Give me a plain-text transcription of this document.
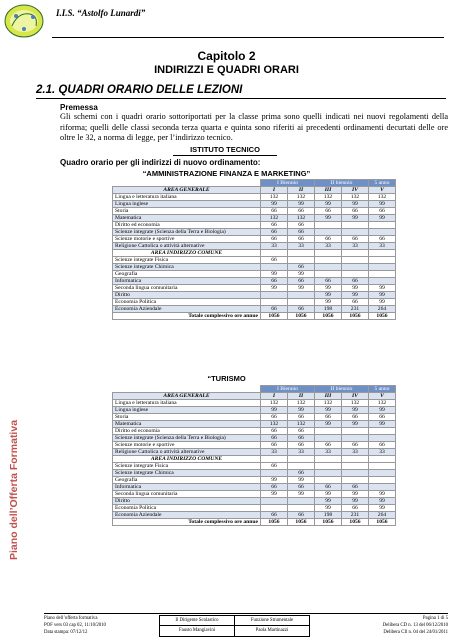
I.I.S. “Astolfo Lunardi”
Capitolo 2
INDIRIZZI E QUADRI ORARI
2.1. QUADRI ORARIO DELLE LEZIONI
Premessa
Gli schemi con i quadri orario sottoriportati per la classe prima sono quelli indicati nei nuovi regolamenti della riforma; quelli delle classi seconda terza quarta e quinta sono riferiti ai precedenti ordinamenti decurtati delle ore oltre le 32, a norma di legge, per l’indirizzo tecnico.
ISTITUTO TECNICO
Quadro orario per gli indirizzi di nuovo ordinamento:
“AMMINISTRAZIONE FINANZA E MARKETING”
	I Biennio		II biennio		5 anno
AREA GENERALE	I	II	III	IV	V
Lingua e letteratura italiana	132	132	132	132	132
Lingua inglese	99	99	99	99	99
Storia	66	66	66	66	66
Matematica	132	132	99	99	99
Diritto ed economia	66	66			
Scienze integrate (Scienza della Terra e Biologia)	66	66			
Scienze motorie e sportive	66	66	66	66	66
Religione Cattolica o attività alternative	33	33	33	33	33
AREA INDIRIZZO COMUNE					
Scienze integrate Fisica	66				
Scienze integrate Chimica		66			
Geografia	99	99			
Informatica	66	66	66	66	
Seconda lingua comunitaria	99	99	99	99	99
Diritto			99	99	99
Economia Politica			99	66	99
Economia Aziendale	66	66	198	231	264
Totale complessivo ore annue	1056	1056	1056	1056	1056
“TURISMO
	I Biennio		II biennio		5 anno
AREA GENERALE	I	II	III	IV	V
Lingua e letteratura italiana	132	132	132	132	132
Lingua inglese	99	99	99	99	99
Storia	66	66	66	66	66
Matematica	132	132	99	99	99
Diritto ed economia	66	66			
Scienze integrate (Scienza della Terra e Biologia)	66	66			
Scienze motorie e sportive	66	66	66	66	66
Religione Cattolica o attività alternative	33	33	33	33	33
AREA INDIRIZZO COMUNE					
Scienze integrate Fisica	66				
Scienze integrate Chimica		66			
Geografia	99	99			
Informatica	66	66	66	66	
Seconda lingua comunitaria	99	99	99	99	99
Diritto			99	99	99
Economia Politica			99	66	99
Economia Aziendale	66	66	198	231	264
Totale complessivo ore annue	1056	1056	1056	1056	1056
Piano dell’Offerta Formativa
Piano dell’offerta formativa
POF vers 03 cap 02, 11/10/2010
Data stampa: 07/12/12
Il Dirigente Scolastico
Fausto Mangiavini
Funzione Strumentale
Paola Martinazzi
Pagina 1 di 5
Delibera CD n. 13 del 06/12/2010
Delibera CIl n. 04 del 24/01/2011
